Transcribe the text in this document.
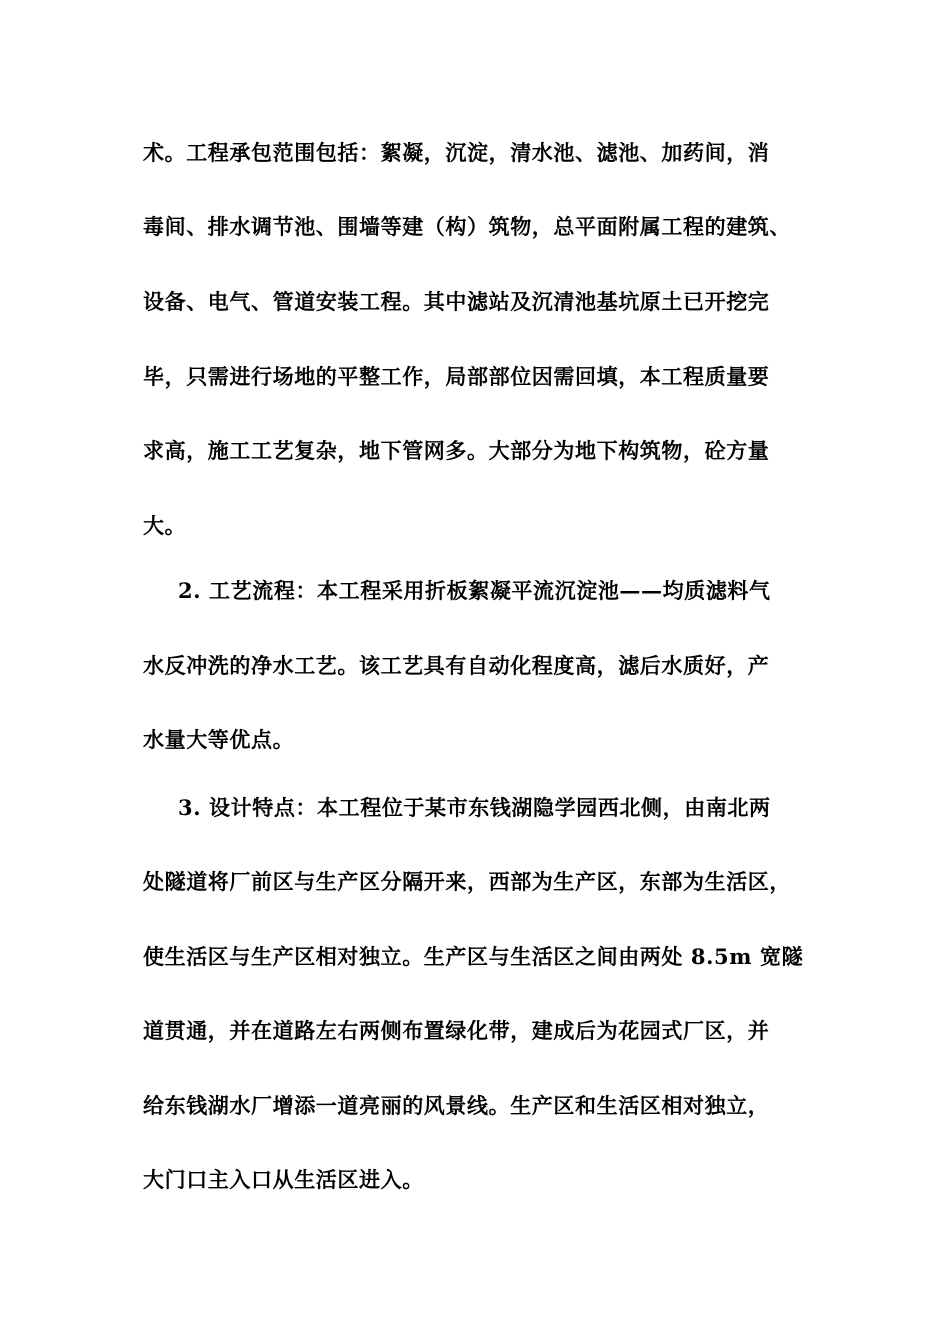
术。工程承包范围包括：絮凝，沉淀，清水池、滤池、加药间，消
毒间、排水调节池、围墙等建（构）筑物，总平面附属工程的建筑、
设备、电气、管道安装工程。其中滤站及沉清池基坑原土已开挖完
毕，只需进行场地的平整工作，局部部位因需回填，本工程质量要
求高，施工工艺复杂，地下管网多。大部分为地下构筑物，砼方量
大。
2. 工艺流程：本工程采用折板絮凝平流沉淀池——均质滤料气
水反冲洗的净水工艺。该工艺具有自动化程度高，滤后水质好，产
水量大等优点。
3. 设计特点：本工程位于某市东钱湖隐学园西北侧，由南北两
处隧道将厂前区与生产区分隔开来，西部为生产区，东部为生活区，
使生活区与生产区相对独立。生产区与生活区之间由两处 8.5m 宽隧
道贯通，并在道路左右两侧布置绿化带，建成后为花园式厂区，并
给东钱湖水厂增添一道亮丽的风景线。生产区和生活区相对独立，
大门口主入口从生活区进入。
